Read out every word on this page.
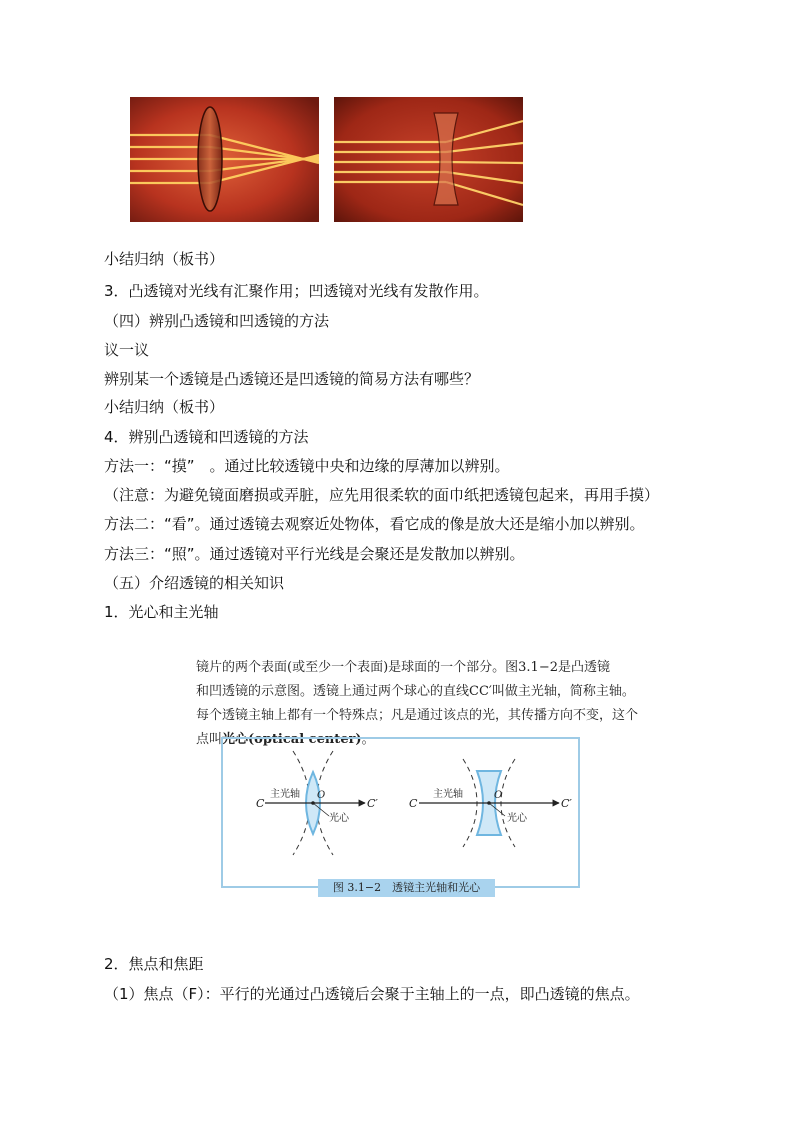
小结归纳（板书）
3．凸透镜对光线有汇聚作用；凹透镜对光线有发散作用。
（四）辨别凸透镜和凹透镜的方法
议一议
辨别某一个透镜是凸透镜还是凹透镜的简易方法有哪些？
小结归纳（板书）
4．辨别凸透镜和凹透镜的方法
方法一：“摸”　。通过比较透镜中央和边缘的厚薄加以辨别。
（注意：为避免镜面磨损或弄脏，应先用很柔软的面巾纸把透镜包起来，再用手摸）
方法二：“看”。通过透镜去观察近处物体，看它成的像是放大还是缩小加以辨别。
方法三：“照”。通过透镜对平行光线是会聚还是发散加以辨别。
（五）介绍透镜的相关知识
1．光心和主光轴

镜片的两个表面(或至少一个表面)是球面的一个部分。图3.1−2是凸透镜

和凹透镜的示意图。透镜上通过两个球心的直线CC′叫做主光轴，简称主轴。

每个透镜主轴上都有一个特殊点；凡是通过该点的光，其传播方向不变，这个

点叫光心(optical center)。

C	C′
O
主光轴
光心
C	C′
O
主光轴
光心
图 3.1−2　透镜主光轴和光心
2．焦点和焦距
（1）焦点（F）：平行的光通过凸透镜后会聚于主轴上的一点，即凸透镜的焦点。
